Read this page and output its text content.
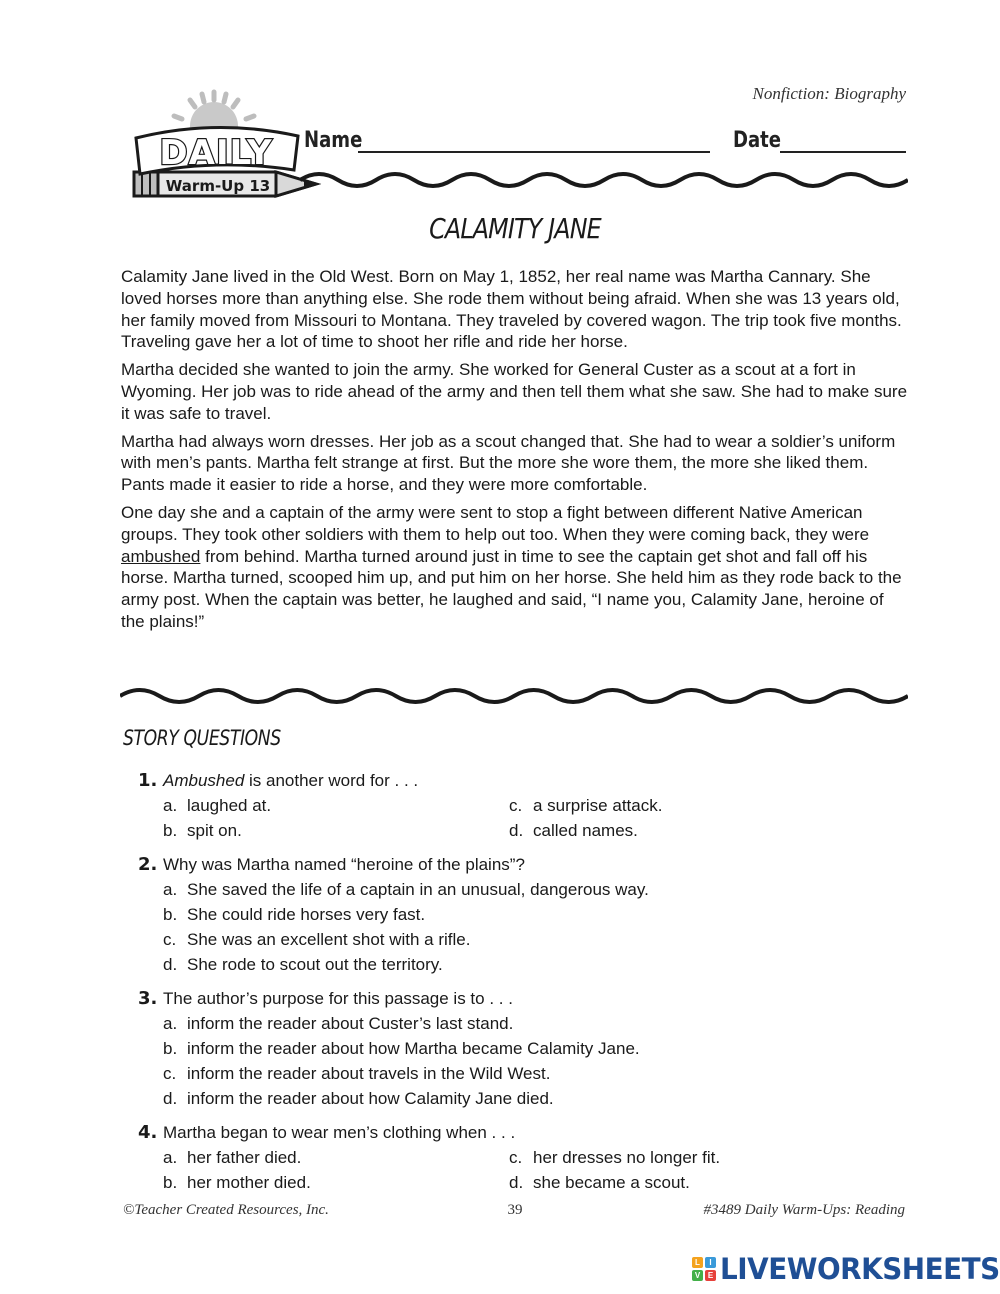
Nonfiction: Biography
DAILY
Warm-Up 13
Name	Date
CALAMITY JANE

Calamity Jane lived in the Old West. Born on May 1, 1852, her real name was Martha Cannary. She loved horses more than anything else. She rode them without being afraid. When she was 13 years old, her family moved from Missouri to Montana. They traveled by covered wagon. The trip took five months. Traveling gave her a lot of time to shoot her rifle and ride her horse.

Martha decided she wanted to join the army. She worked for General Custer as a scout at a fort in Wyoming. Her job was to ride ahead of the army and then tell them what she saw. She had to make sure it was safe to travel.

Martha had always worn dresses. Her job as a scout changed that. She had to wear a soldier’s uniform with men’s pants. Martha felt strange at first. But the more she wore them, the more she liked them. Pants made it easier to ride a horse, and they were more comfortable.

One day she and a captain of the army were sent to stop a fight between different Native American groups. They took other soldiers with them to help out too. When they were coming back, they were ambushed from behind. Martha turned around just in time to see the captain get shot and fall off his horse. Martha turned, scooped him up, and put him on her horse. She held him as they rode back to the army post. When the captain was better, he laughed and said, “I name you, Calamity Jane, heroine of the plains!”

STORY QUESTIONS
1. Ambushed is another word for . . .
a. laughed at.	c. a surprise attack.
b. spit on.	d. called names.
2. Why was Martha named “heroine of the plains”?
a. She saved the life of a captain in an unusual, dangerous way.
b. She could ride horses very fast.
c. She was an excellent shot with a rifle.
d. She rode to scout out the territory.
3. The author’s purpose for this passage is to . . .
a. inform the reader about Custer’s last stand.
b. inform the reader about how Martha became Calamity Jane.
c. inform the reader about travels in the Wild West.
d. inform the reader about how Calamity Jane died.
4. Martha began to wear men’s clothing when . . .
a. her father died.	c. her dresses no longer fit.
b. her mother died.	d. she became a scout.
©Teacher Created Resources, Inc.	39	#3489 Daily Warm-Ups: Reading
L	I
V E LIVEWORKSHEETS
